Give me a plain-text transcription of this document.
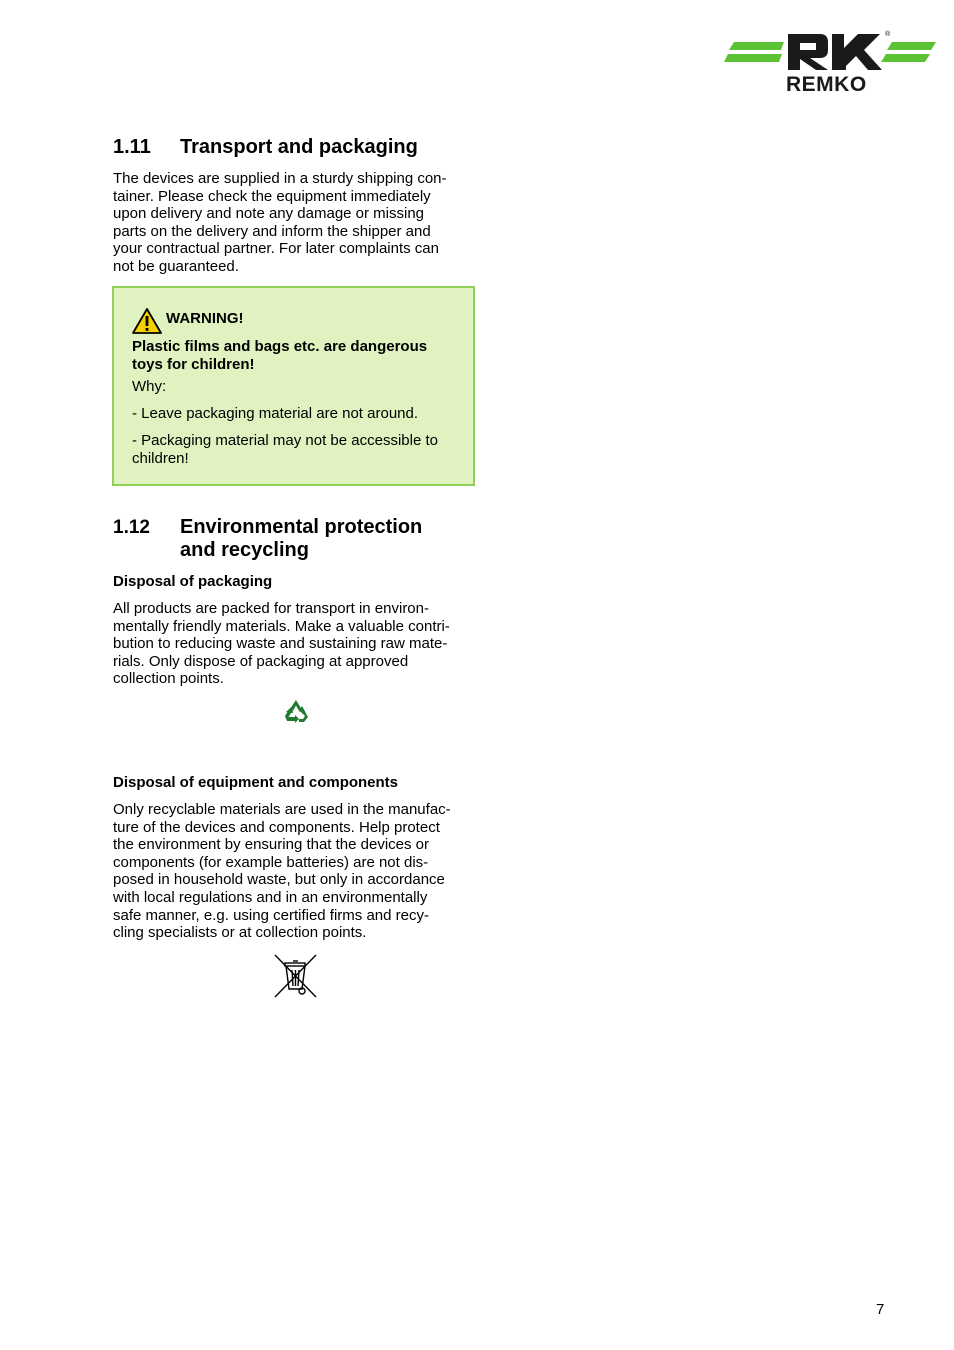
®
REMKO
1.11 Transport and packaging
The devices are supplied in a sturdy shipping con-
tainer. Please check the equipment immediately
upon delivery and note any damage or missing
parts on the delivery and inform the shipper and
your contractual partner. For later complaints can
not be guaranteed.
WARNING!
Plastic films and bags etc. are dangerous
toys for children!
Why:
- Leave packaging material are not around.
- Packaging material may not be accessible to
children!
1.12 Environmental protection
and recycling
Disposal of packaging
All products are packed for transport in environ-
mentally friendly materials. Make a valuable contri-
bution to reducing waste and sustaining raw mate-
rials. Only dispose of packaging at approved
collection points.
Disposal of equipment and components
Only recyclable materials are used in the manufac-
ture of the devices and components. Help protect
the environment by ensuring that the devices or
components (for example batteries) are not dis-
posed in household waste, but only in accordance
with local regulations and in an environmentally
safe manner, e.g. using certified firms and recy-
cling specialists or at collection points.
7
